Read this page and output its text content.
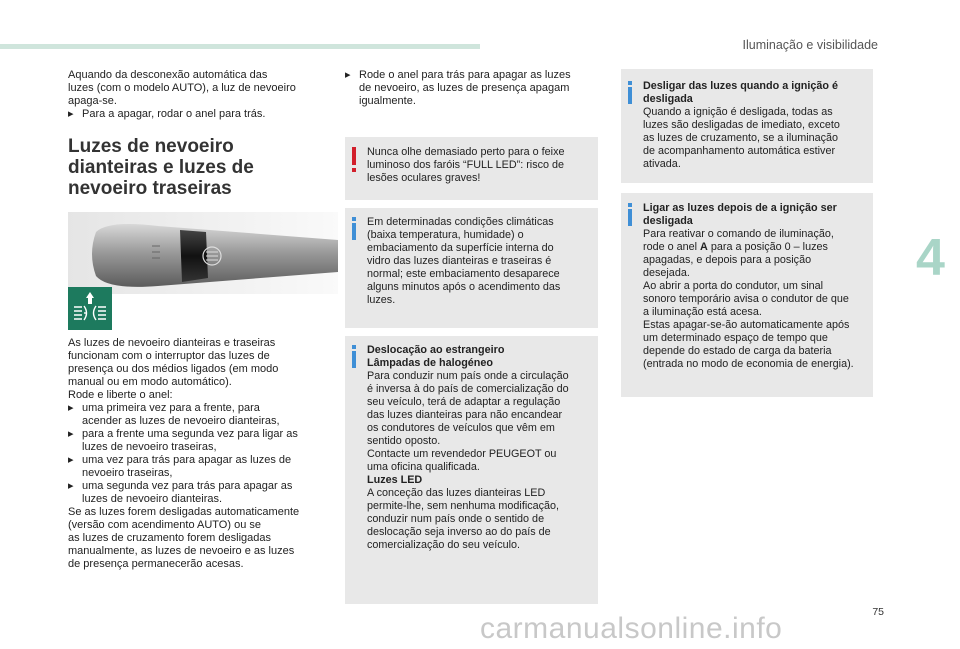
Iluminação e visibilidade
4
75
carmanualsonline.info

Aquando da desconexão automática das

luzes (com o modelo AUTO), a luz de nevoeiro

apaga-se.

▸ Para a apagar, rodar o anel para trás.
Luzes de nevoeiro
dianteiras e luzes de
nevoeiro traseiras

As luzes de nevoeiro dianteiras e traseiras

funcionam com o interruptor das luzes de

presença ou dos médios ligados (em modo

manual ou em modo automático).

Rode e liberte o anel:

▸ uma primeira vez para a frente, para
acender as luzes de nevoeiro dianteiras,
▸ para a frente uma segunda vez para ligar as
luzes de nevoeiro traseiras,
▸ uma vez para trás para apagar as luzes de
nevoeiro traseiras,
▸ uma segunda vez para trás para apagar as
luzes de nevoeiro dianteiras.

Se as luzes forem desligadas automaticamente

(versão com acendimento AUTO) ou se

as luzes de cruzamento forem desligadas

manualmente, as luzes de nevoeiro e as luzes

de presença permanecerão acesas.

▸ Rode o anel para trás para apagar as luzes
de nevoeiro, as luzes de presença apagam
igualmente.
Nunca olhe demasiado perto para o feixe
luminoso dos faróis “FULL LED”: risco de
lesões oculares graves!
Em determinadas condições climáticas
(baixa temperatura, humidade) o
embaciamento da superfície interna do
vidro das luzes dianteiras e traseiras é
normal; este embaciamento desaparece
alguns minutos após o acendimento das
luzes.
Deslocação ao estrangeiro
Lâmpadas de halogéneo
Para conduzir num país onde a circulação
é inversa à do país de comercialização do
seu veículo, terá de adaptar a regulação
das luzes dianteiras para não encandear
os condutores de veículos que vêm em
sentido oposto.
Contacte um revendedor PEUGEOT ou
uma oficina qualificada.
Luzes LED
A conceção das luzes dianteiras LED
permite-lhe, sem nenhuma modificação,
conduzir num país onde o sentido de
deslocação seja inverso ao do país de
comercialização do seu veículo.
Desligar das luzes quando a ignição é
desligada
Quando a ignição é desligada, todas as
luzes são desligadas de imediato, exceto
as luzes de cruzamento, se a iluminação
de acompanhamento automática estiver
ativada.
Ligar as luzes depois de a ignição ser
desligada
Para reativar o comando de iluminação,
rode o anel A para a posição 0 – luzes
apagadas, e depois para a posição
desejada.
Ao abrir a porta do condutor, um sinal
sonoro temporário avisa o condutor de que
a iluminação está acesa.
Estas apagar-se-ão automaticamente após
um determinado espaço de tempo que
depende do estado de carga da bateria
(entrada no modo de economia de energia).
